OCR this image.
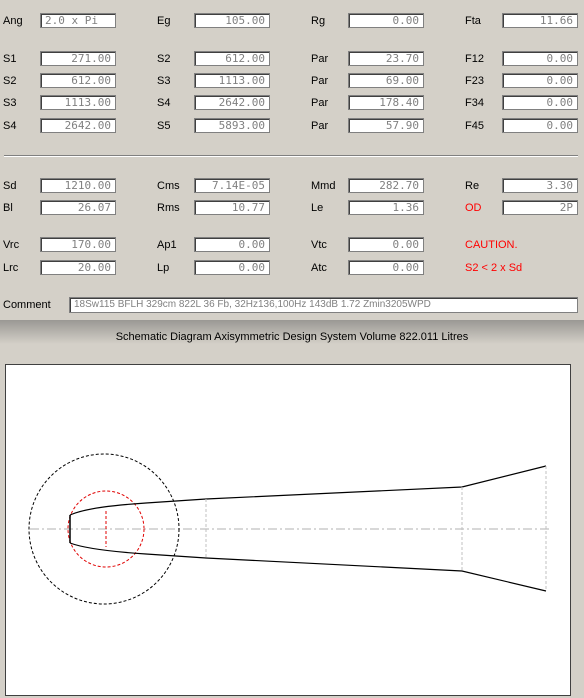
Ang	2.0 x Pi	Eg	105.00	Rg	0.00	Fta	11.66
S1	271.00	S2	612.00	Par	23.70	F12	0.00
S2	612.00	S3	1113.00	Par	69.00	F23	0.00
S3	1113.00	S4	2642.00	Par	178.40	F34	0.00
S4	2642.00	S5	5893.00	Par	57.90	F45	0.00
Sd	1210.00	Cms	7.14E-05	Mmd	282.70	Re	3.30
Bl	26.07	Rms	10.77	Le	1.36	OD	2P
Vrc	170.00	Ap1	0.00	Vtc	0.00	CAUTION.
Lrc	20.00	Lp	0.00	Atc	0.00	S2 < 2 x Sd
Comment	18Sw115 BFLH 329cm 822L 36 Fb, 32Hz136,100Hz 143dB 1.72 Zmin3205WPD
Schematic Diagram Axisymmetric Design System Volume 822.011 Litres
